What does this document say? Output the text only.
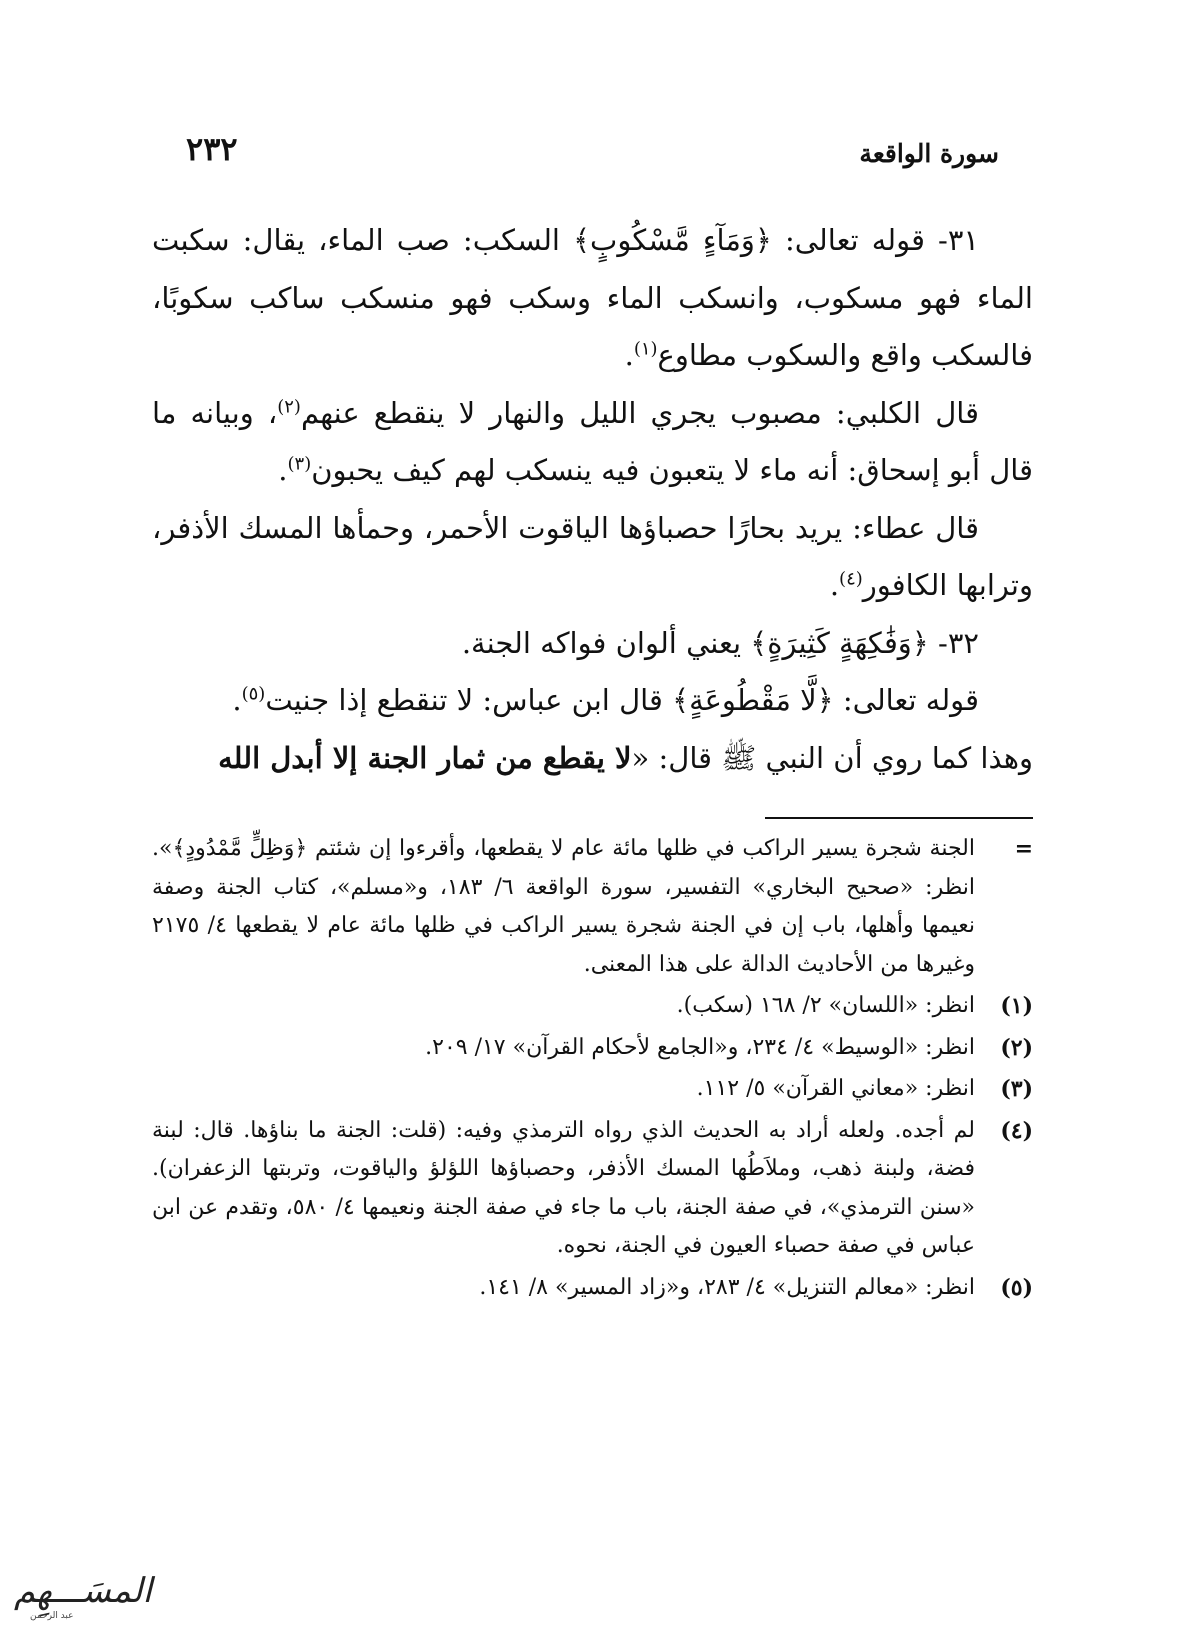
سورة الواقعة
٢٣٢

٣١- قوله تعالى: ﴿وَمَآءٍ مَّسْكُوبٍ﴾ السكب: صب الماء، يقال: سكبت الماء فهو مسكوب، وانسكب الماء وسكب فهو منسكب ساكب سكوبًا، فالسكب واقع والسكوب مطاوع$^{(١)}$.

قال الكلبي: مصبوب يجري الليل والنهار لا ينقطع عنهم$^{(٢)}$، وبيانه ما قال أبو إسحاق: أنه ماء لا يتعبون فيه ينسكب لهم كيف يحبون$^{(٣)}$.

قال عطاء: يريد بحارًا حصباؤها الياقوت الأحمر، وحمأها المسك الأذفر، وترابها الكافور$^{(٤)}$.

٣٢- ﴿وَفَٰكِهَةٍ كَثِيرَةٍ﴾ يعني ألوان فواكه الجنة.

قوله تعالى: ﴿لَّا مَقْطُوعَةٍ﴾ قال ابن عباس: لا تنقطع إذا جنيت$^{(٥)}$.

وهذا كما روي أن النبي ﷺ قال: «لا يقطع من ثمار الجنة إلا أبدل الله

=
الجنة شجرة يسير الراكب في ظلها مائة عام لا يقطعها، وأقرءوا إن شئتم ﴿وَظِلٍّ مَّمْدُودٍ﴾». انظر: «صحيح البخاري» التفسير، سورة الواقعة ٦/ ١٨٣، و«مسلم»، كتاب الجنة وصفة نعيمها وأهلها، باب إن في الجنة شجرة يسير الراكب في ظلها مائة عام لا يقطعها ٤/ ٢١٧٥ وغيرها من الأحاديث الدالة على هذا المعنى.
(١)
انظر: «اللسان» ٢/ ١٦٨ (سكب).
(٢)
انظر: «الوسيط» ٤/ ٢٣٤، و«الجامع لأحكام القرآن» ١٧/ ٢٠٩.
(٣)
انظر: «معاني القرآن» ٥/ ١١٢.
(٤)
لم أجده. ولعله أراد به الحديث الذي رواه الترمذي وفيه: (قلت: الجنة ما بناؤها. قال: لبنة فضة، ولبنة ذهب، وملاَطُها المسك الأذفر، وحصباؤها اللؤلؤ والياقوت، وتربتها الزعفران). «سنن الترمذي»، في صفة الجنة، باب ما جاء في صفة الجنة ونعيمها ٤/ ٥٨٠، وتقدم عن ابن عباس في صفة حصباء العيون في الجنة، نحوه.
(٥)
انظر: «معالم التنزيل» ٤/ ٢٨٣، و«زاد المسير» ٨/ ١٤١.
المسَـــهِم
عبد الرحمن
